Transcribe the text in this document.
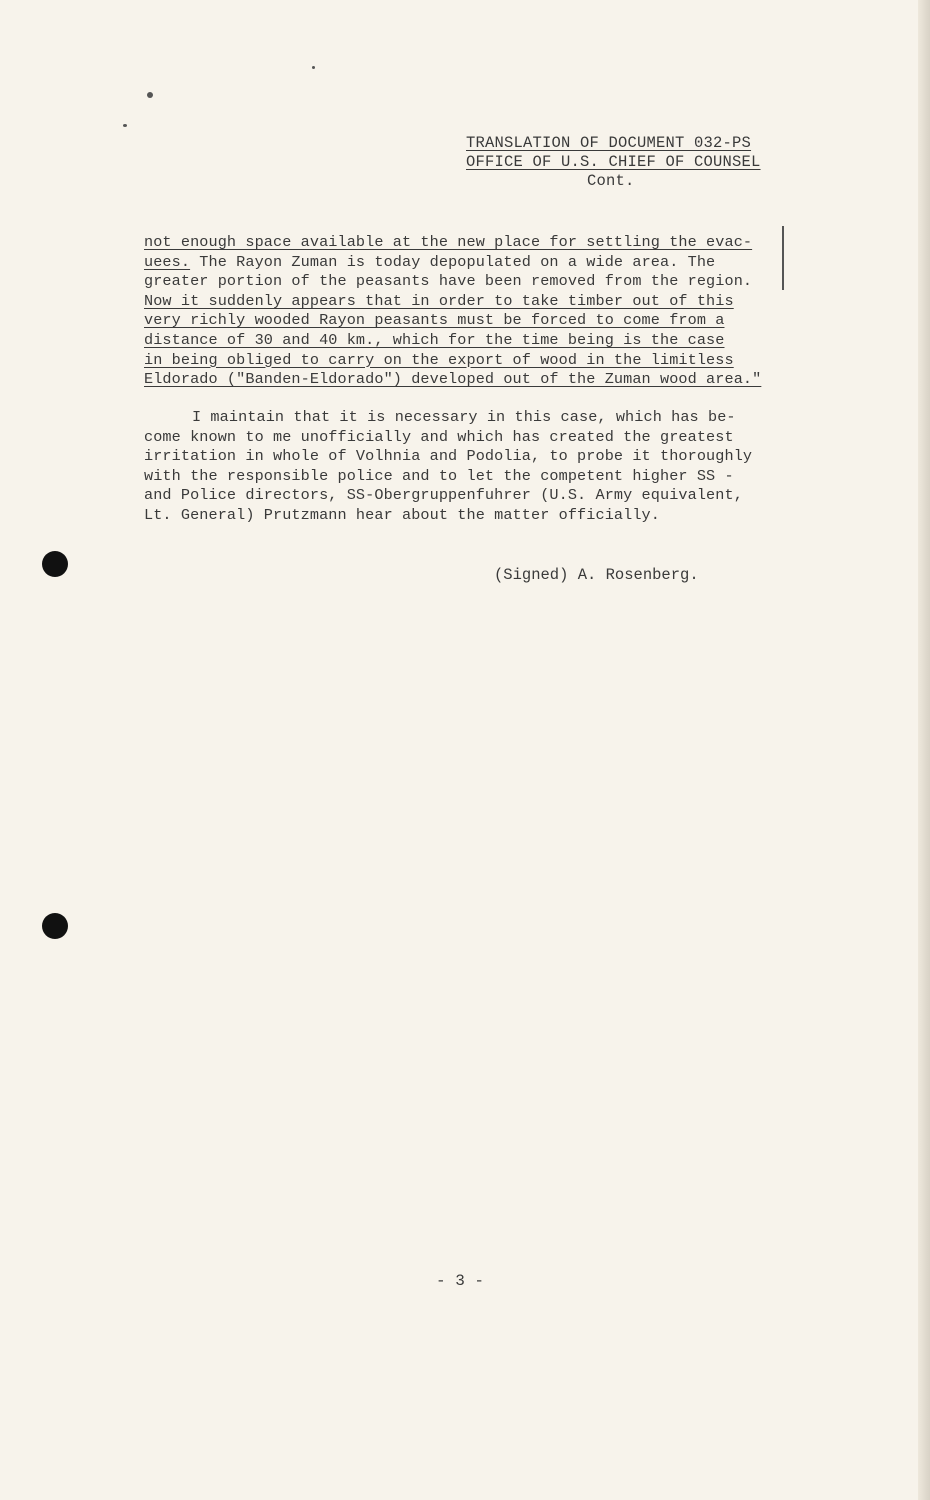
TRANSLATION OF DOCUMENT 032-PS
OFFICE OF U.S. CHIEF OF COUNSEL
Cont.
not enough space available at the new place for settling the evac-
uees. The Rayon Zuman is today depopulated on a wide area. The
greater portion of the peasants have been removed from the region.
Now it suddenly appears that in order to take timber out of this
very richly wooded Rayon peasants must be forced to come from a
distance of 30 and 40 km., which for the time being is the case
in being obliged to carry on the export of wood in the limitless
Eldorado ("Banden-Eldorado") developed out of the Zuman wood area."
I maintain that it is necessary in this case, which has be-
come known to me unofficially and which has created the greatest
irritation in whole of Volhnia and Podolia, to probe it thoroughly
with the responsible police and to let the competent higher SS -
and Police directors, SS-Obergruppenfuhrer (U.S. Army equivalent,
Lt. General) Prutzmann hear about the matter officially.
(Signed) A. Rosenberg.
- 3 -
